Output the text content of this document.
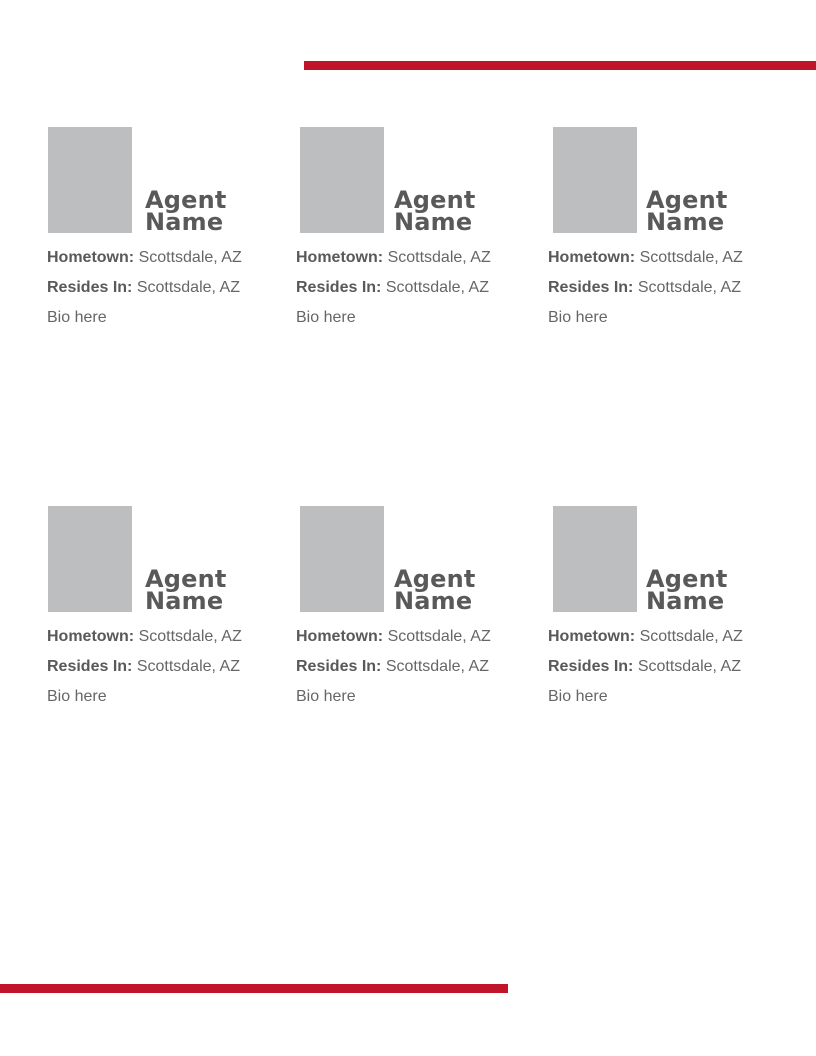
Agent
Name
Hometown: Scottsdale, AZ
Resides In: Scottsdale, AZ
Bio here
Agent
Name
Hometown: Scottsdale, AZ
Resides In: Scottsdale, AZ
Bio here
Agent
Name
Hometown: Scottsdale, AZ
Resides In: Scottsdale, AZ
Bio here
Agent
Name
Hometown: Scottsdale, AZ
Resides In: Scottsdale, AZ
Bio here
Agent
Name
Hometown: Scottsdale, AZ
Resides In: Scottsdale, AZ
Bio here
Agent
Name
Hometown: Scottsdale, AZ
Resides In: Scottsdale, AZ
Bio here
